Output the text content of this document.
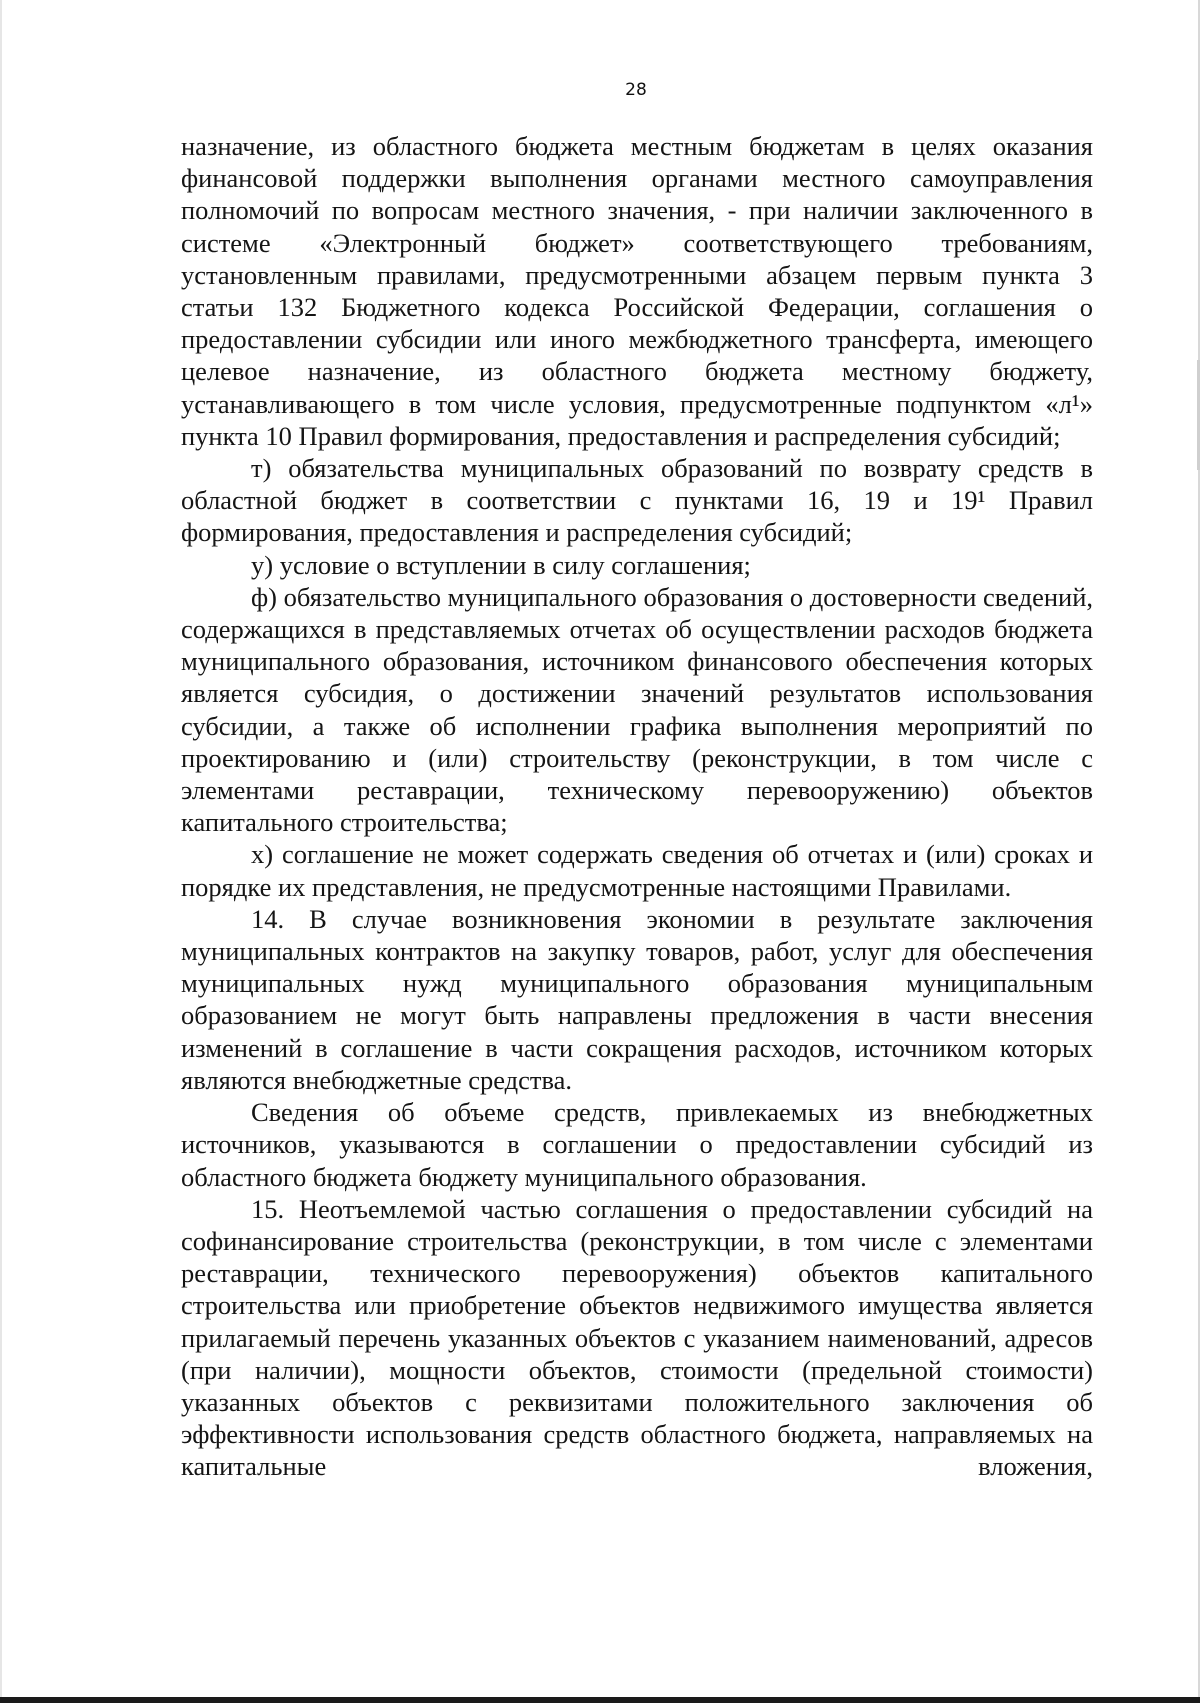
28

назначение, из областного бюджета местным бюджетам в целях оказания финансовой поддержки выполнения органами местного самоуправления полномочий по вопросам местного значения, - при наличии заключенного в системе «Электронный бюджет» соответствующего требованиям, установленным правилами, предусмотренными абзацем первым пункта 3 статьи 132 Бюджетного кодекса Российской Федерации, соглашения о предоставлении субсидии или иного межбюджетного трансферта, имеющего целевое назначение, из областного бюджета местному бюджету, устанавливающего в том числе условия, предусмотренные подпунктом «л¹» пункта 10 Правил формирования, предоставления и распределения субсидий;

т) обязательства муниципальных образований по возврату средств в областной бюджет в соответствии с пунктами 16, 19 и 19¹ Правил формирования, предоставления и распределения субсидий;

у) условие о вступлении в силу соглашения;

ф) обязательство муниципального образования о достоверности сведений, содержащихся в представляемых отчетах об осуществлении расходов бюджета муниципального образования, источником финансового обеспечения которых является субсидия, о достижении значений результатов использования субсидии, а также об исполнении графика выполнения мероприятий по проектированию и (или) строительству (реконструкции, в том числе с элементами реставрации, техническому перевооружению) объектов капитального строительства;

х) соглашение не может содержать сведения об отчетах и (или) сроках и порядке их представления, не предусмотренные настоящими Правилами.

14. В случае возникновения экономии в результате заключения муниципальных контрактов на закупку товаров, работ, услуг для обеспечения муниципальных нужд муниципального образования муниципальным образованием не могут быть направлены предложения в части внесения изменений в соглашение в части сокращения расходов, источником которых являются внебюджетные средства.

Сведения об объеме средств, привлекаемых из внебюджетных источников, указываются в соглашении о предоставлении субсидий из областного бюджета бюджету муниципального образования.

15. Неотъемлемой частью соглашения о предоставлении субсидий на софинансирование строительства (реконструкции, в том числе с элементами реставрации, технического перевооружения) объектов капитального строительства или приобретение объектов недвижимого имущества является прилагаемый перечень указанных объектов с указанием наименований, адресов (при наличии), мощности объектов, стоимости (предельной стоимости) указанных объектов с реквизитами положительного заключения об эффективности использования средств областного бюджета, направляемых на капитальные вложения,
